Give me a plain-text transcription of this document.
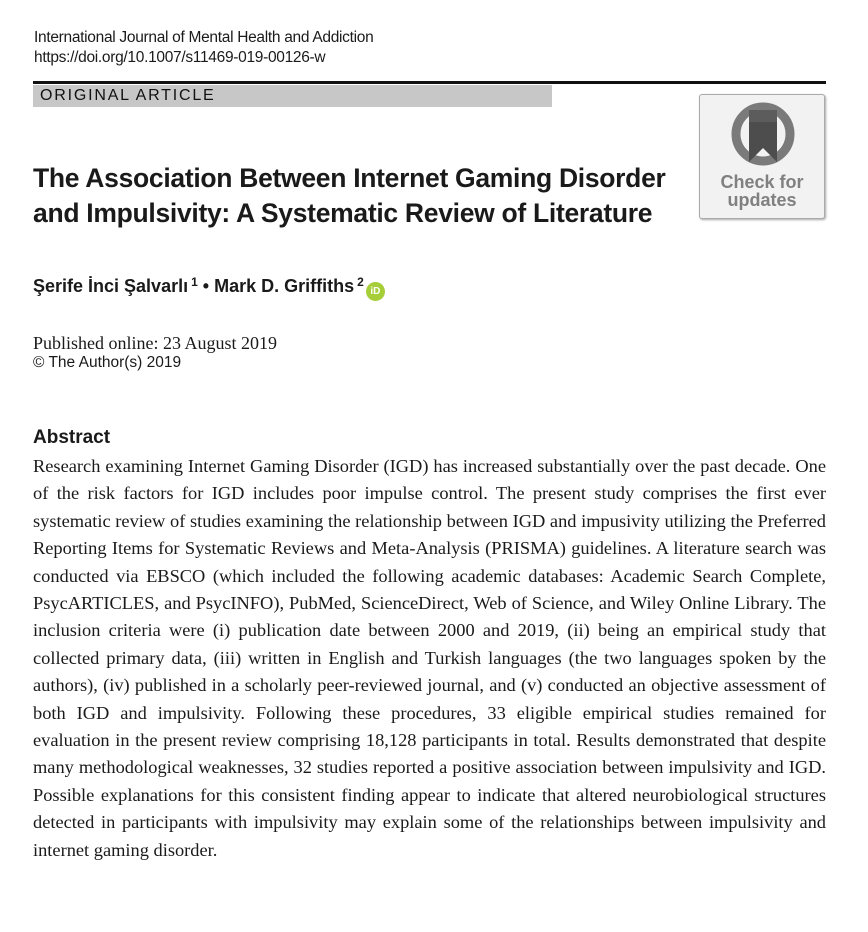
International Journal of Mental Health and Addiction
https://doi.org/10.1007/s11469-019-00126-w
ORIGINAL ARTICLE
Check for
updates
The Association Between Internet Gaming Disorder
and Impulsivity: A Systematic Review of Literature
Şerife İnci Şalvarlı $^1$ • Mark D. Griffiths $^2$iD
Published online: 23 August 2019
© The Author(s) 2019
Abstract

Research examining Internet Gaming Disorder (IGD) has increased substantially over the past decade. One of the risk factors for IGD includes poor impulse control. The present study comprises the first ever systematic review of studies examining the relationship between IGD and impusivity utilizing the Preferred Reporting Items for Systematic Reviews and Meta-Analysis (PRISMA) guidelines. A literature search was conducted via EBSCO (which included the following academic databases: Academic Search Complete, PsycARTICLES, and PsycINFO), PubMed, ScienceDirect, Web of Science, and Wiley Online Library. The inclusion criteria were (i) publication date between 2000 and 2019, (ii) being an empirical study that collected primary data, (iii) written in English and Turkish languages (the two languages spoken by the authors), (iv) published in a scholarly peer-reviewed journal, and (v) conducted an objective assessment of both IGD and impulsivity. Following these procedures, 33 eligible empirical studies remained for evaluation in the present review comprising 18,128 participants in total. Results demonstrated that despite many methodological weaknesses, 32 studies reported a positive association between impulsivity and IGD. Possible explanations for this consistent finding appear to indicate that altered neurobiological structures detected in participants with impulsivity may explain some of the relationships between impulsivity and internet gaming disorder.
